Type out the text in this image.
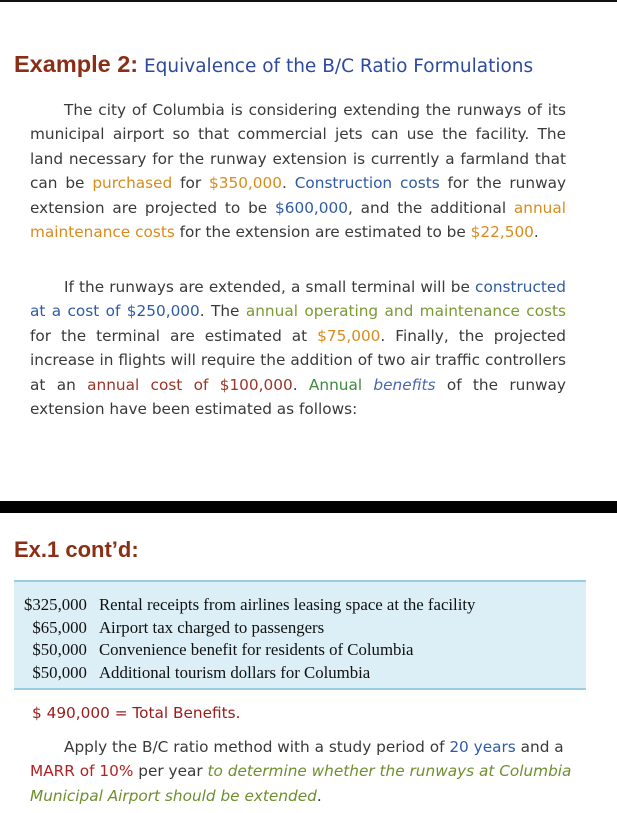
Example 2: Equivalence of the B/C Ratio Formulations

The city of Columbia is considering extending the runways of its municipal airport so that commercial jets can use the facility. The land necessary for the runway extension is currently a farmland that can be purchased for $350,000. Construction costs for the runway extension are projected to be $600,000, and the additional annual maintenance costs for the extension are estimated to be $22,500.

If the runways are extended, a small terminal will be constructed at a cost of $250,000. The annual operating and maintenance costs for the terminal are estimated at $75,000. Finally, the projected increase in flights will require the addition of two air traffic controllers at an annual cost of $100,000. Annual benefits of the runway extension have been estimated as follows:

Ex.1 cont’d:
$325,000	Rental receipts from airlines leasing space at the facility
$65,000	Airport tax charged to passengers
$50,000	Convenience benefit for residents of Columbia
$50,000	Additional tourism dollars for Columbia

$ 490,000 = Total Benefits.

Apply the B/C ratio method with a study period of 20 years and a MARR of 10% per year to determine whether the runways at Columbia Municipal Airport should be extended.
